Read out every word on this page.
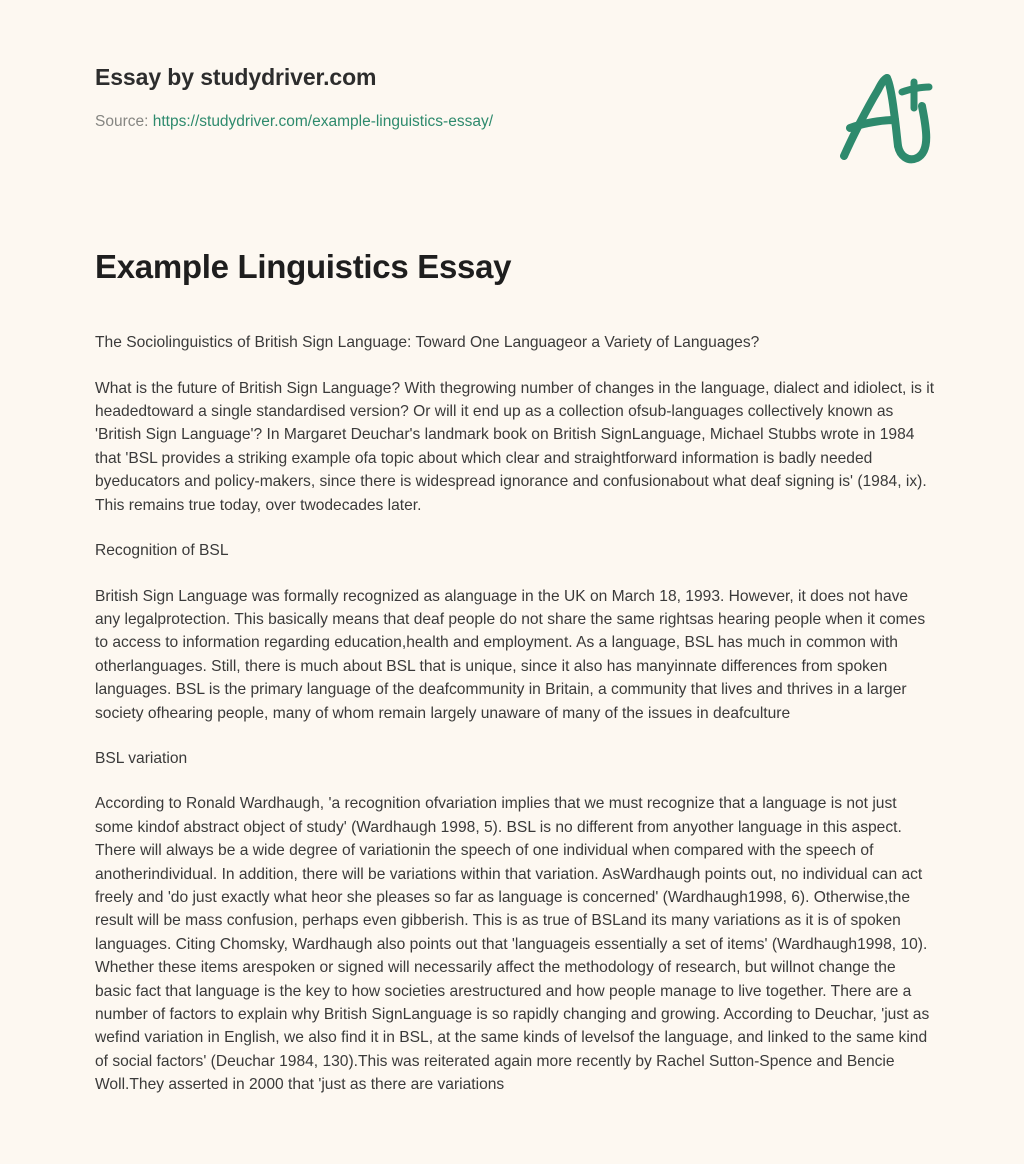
Essay by studydriver.com
Source: https://studydriver.com/example-linguistics-essay/
Example Linguistics Essay

The Sociolinguistics of British Sign Language: Toward One Languageor a Variety of Languages?

What is the future of British Sign Language? With thegrowing number of changes in the language, dialect and idiolect, is it headedtoward a single standardised version? Or will it end up as a collection ofsub-languages collectively known as 'British Sign Language'? In Margaret Deuchar's landmark book on British SignLanguage, Michael Stubbs wrote in 1984 that 'BSL provides a striking example ofa topic about which clear and straightforward information is badly needed byeducators and policy-makers, since there is widespread ignorance and confusionabout what deaf signing is' (1984, ix). This remains true today, over twodecades later.

Recognition of BSL

British Sign Language was formally recognized as alanguage in the UK on March 18, 1993. However, it does not have any legalprotection. This basically means that deaf people do not share the same rightsas hearing people when it comes to access to information regarding education,health and employment. As a language, BSL has much in common with otherlanguages. Still, there is much about BSL that is unique, since it also has manyinnate differences from spoken languages. BSL is the primary language of the deafcommunity in Britain, a community that lives and thrives in a larger society ofhearing people, many of whom remain largely unaware of many of the issues in deafculture

BSL variation

According to Ronald Wardhaugh, 'a recognition ofvariation implies that we must recognize that a language is not just some kindof abstract object of study' (Wardhaugh 1998, 5). BSL is no different from anyother language in this aspect. There will always be a wide degree of variationin the speech of one individual when compared with the speech of anotherindividual. In addition, there will be variations within that variation. AsWardhaugh points out, no individual can act freely and 'do just exactly what heor she pleases so far as language is concerned' (Wardhaugh1998, 6). Otherwise,the result will be mass confusion, perhaps even gibberish. This is as true of BSLand its many variations as it is of spoken languages. Citing Chomsky, Wardhaugh also points out that 'languageis essentially a set of items' (Wardhaugh1998, 10). Whether these items arespoken or signed will necessarily affect the methodology of research, but willnot change the basic fact that language is the key to how societies arestructured and how people manage to live together. There are a number of factors to explain why British SignLanguage is so rapidly changing and growing. According to Deuchar, 'just as wefind variation in English, we also find it in BSL, at the same kinds of levelsof the language, and linked to the same kind of social factors' (Deuchar 1984, 130).This was reiterated again more recently by Rachel Sutton-Spence and Bencie Woll.They asserted in 2000 that 'just as there are variations
